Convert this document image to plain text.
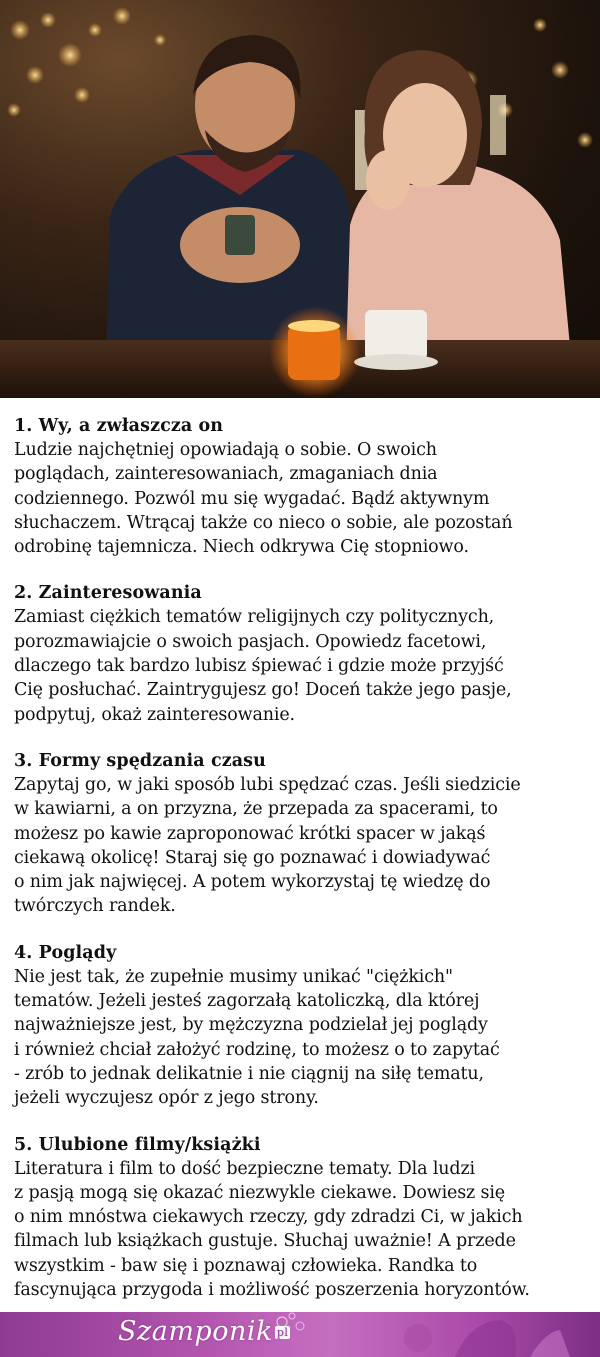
1. Wy, a zwłaszcza on

Ludzie najchętniej opowiadają o sobie. O swoich
poglądach, zainteresowaniach, zmaganiach dnia
codziennego. Pozwól mu się wygadać. Bądź aktywnym
słuchaczem. Wtrącaj także co nieco o sobie, ale pozostań
odrobinę tajemnicza. Niech odkrywa Cię stopniowo.

2. Zainteresowania

Zamiast ciężkich tematów religijnych czy politycznych,
porozmawiajcie o swoich pasjach. Opowiedz facetowi,
dlaczego tak bardzo lubisz śpiewać i gdzie może przyjść
Cię posłuchać. Zaintrygujesz go! Doceń także jego pasje,
podpytuj, okaż zainteresowanie.

3. Formy spędzania czasu

Zapytaj go, w jaki sposób lubi spędzać czas. Jeśli siedzicie
w kawiarni, a on przyzna, że przepada za spacerami, to
możesz po kawie zaproponować krótki spacer w jakąś
ciekawą okolicę! Staraj się go poznawać i dowiadywać
o nim jak najwięcej. A potem wykorzystaj tę wiedzę do
twórczych randek.

4. Poglądy

Nie jest tak, że zupełnie musimy unikać "ciężkich"
tematów. Jeżeli jesteś zagorzałą katoliczką, dla której
najważniejsze jest, by mężczyzna podzielał jej poglądy
i również chciał założyć rodzinę, to możesz o to zapytać
- zrób to jednak delikatnie i nie ciągnij na siłę tematu,
jeżeli wyczujesz opór z jego strony.

5. Ulubione filmy/książki

Literatura i film to dość bezpieczne tematy. Dla ludzi
z pasją mogą się okazać niezwykle ciekawe. Dowiesz się
o nim mnóstwa ciekawych rzeczy, gdy zdradzi Ci, w jakich
filmach lub książkach gustuje. Słuchaj uważnie! A przede
wszystkim - baw się i poznawaj człowieka. Randka to
fascynująca przygoda i możliwość poszerzenia horyzontów.

Szamponik pl
